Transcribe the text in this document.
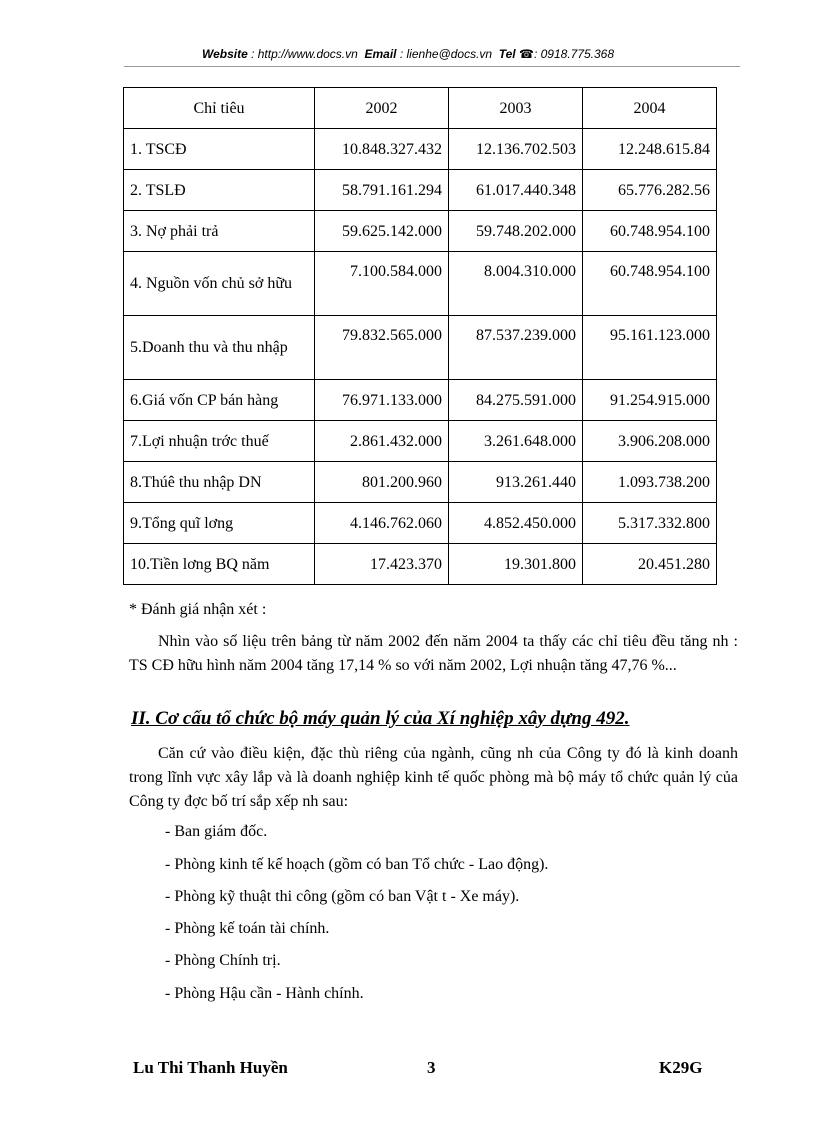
Website : http://www.docs.vn Email : lienhe@docs.vn Tel ☎: 0918.775.368
Chỉ tiêu	2002	2003	2004
1. TSCĐ	10.848.327.432	12.136.702.503	12.248.615.84
2. TSLĐ	58.791.161.294	61.017.440.348	65.776.282.56
3. Nợ phải trả	59.625.142.000	59.748.202.000	60.748.954.100
4. Nguồn vốn chủ sở hữu	7.100.584.000	8.004.310.000	60.748.954.100
5.Doanh thu và thu nhập	79.832.565.000	87.537.239.000	95.161.123.000
6.Giá vốn CP bán hàng	76.971.133.000	84.275.591.000	91.254.915.000
7.Lợi nhuận trớc thuế	2.861.432.000	3.261.648.000	3.906.208.000
8.Thúê thu nhập DN	801.200.960	913.261.440	1.093.738.200
9.Tổng quĩ lơng	4.146.762.060	4.852.450.000	5.317.332.800
10.Tiền lơng BQ năm	17.423.370	19.301.800	20.451.280
* Đánh giá nhận xét :
Nhìn vào số liệu trên bảng từ năm 2002 đến năm 2004 ta thấy các chỉ tiêu đều tăng nh : TS CĐ hữu hình năm 2004 tăng 17,14 % so với năm 2002, Lợi nhuận tăng 47,76 %...
II. Cơ cấu tổ chức bộ máy quản lý của Xí nghiệp xây dựng 492.
Căn cứ vào điều kiện, đặc thù riêng của ngành, cũng nh của Công ty đó là kinh doanh trong lĩnh vực xây lắp và là doanh nghiệp kinh tế quốc phòng mà bộ máy tổ chức quản lý của Công ty đợc bố trí sắp xếp nh sau:
- Ban giám đốc.
- Phòng kinh tế kế hoạch (gồm có ban Tổ chức - Lao động).
- Phòng kỹ thuật thi công (gồm có ban Vật t - Xe máy).
- Phòng kế toán tài chính.
- Phòng Chính trị.
- Phòng Hậu cần - Hành chính.
Lu Thi Thanh Huyền	3	K29G
